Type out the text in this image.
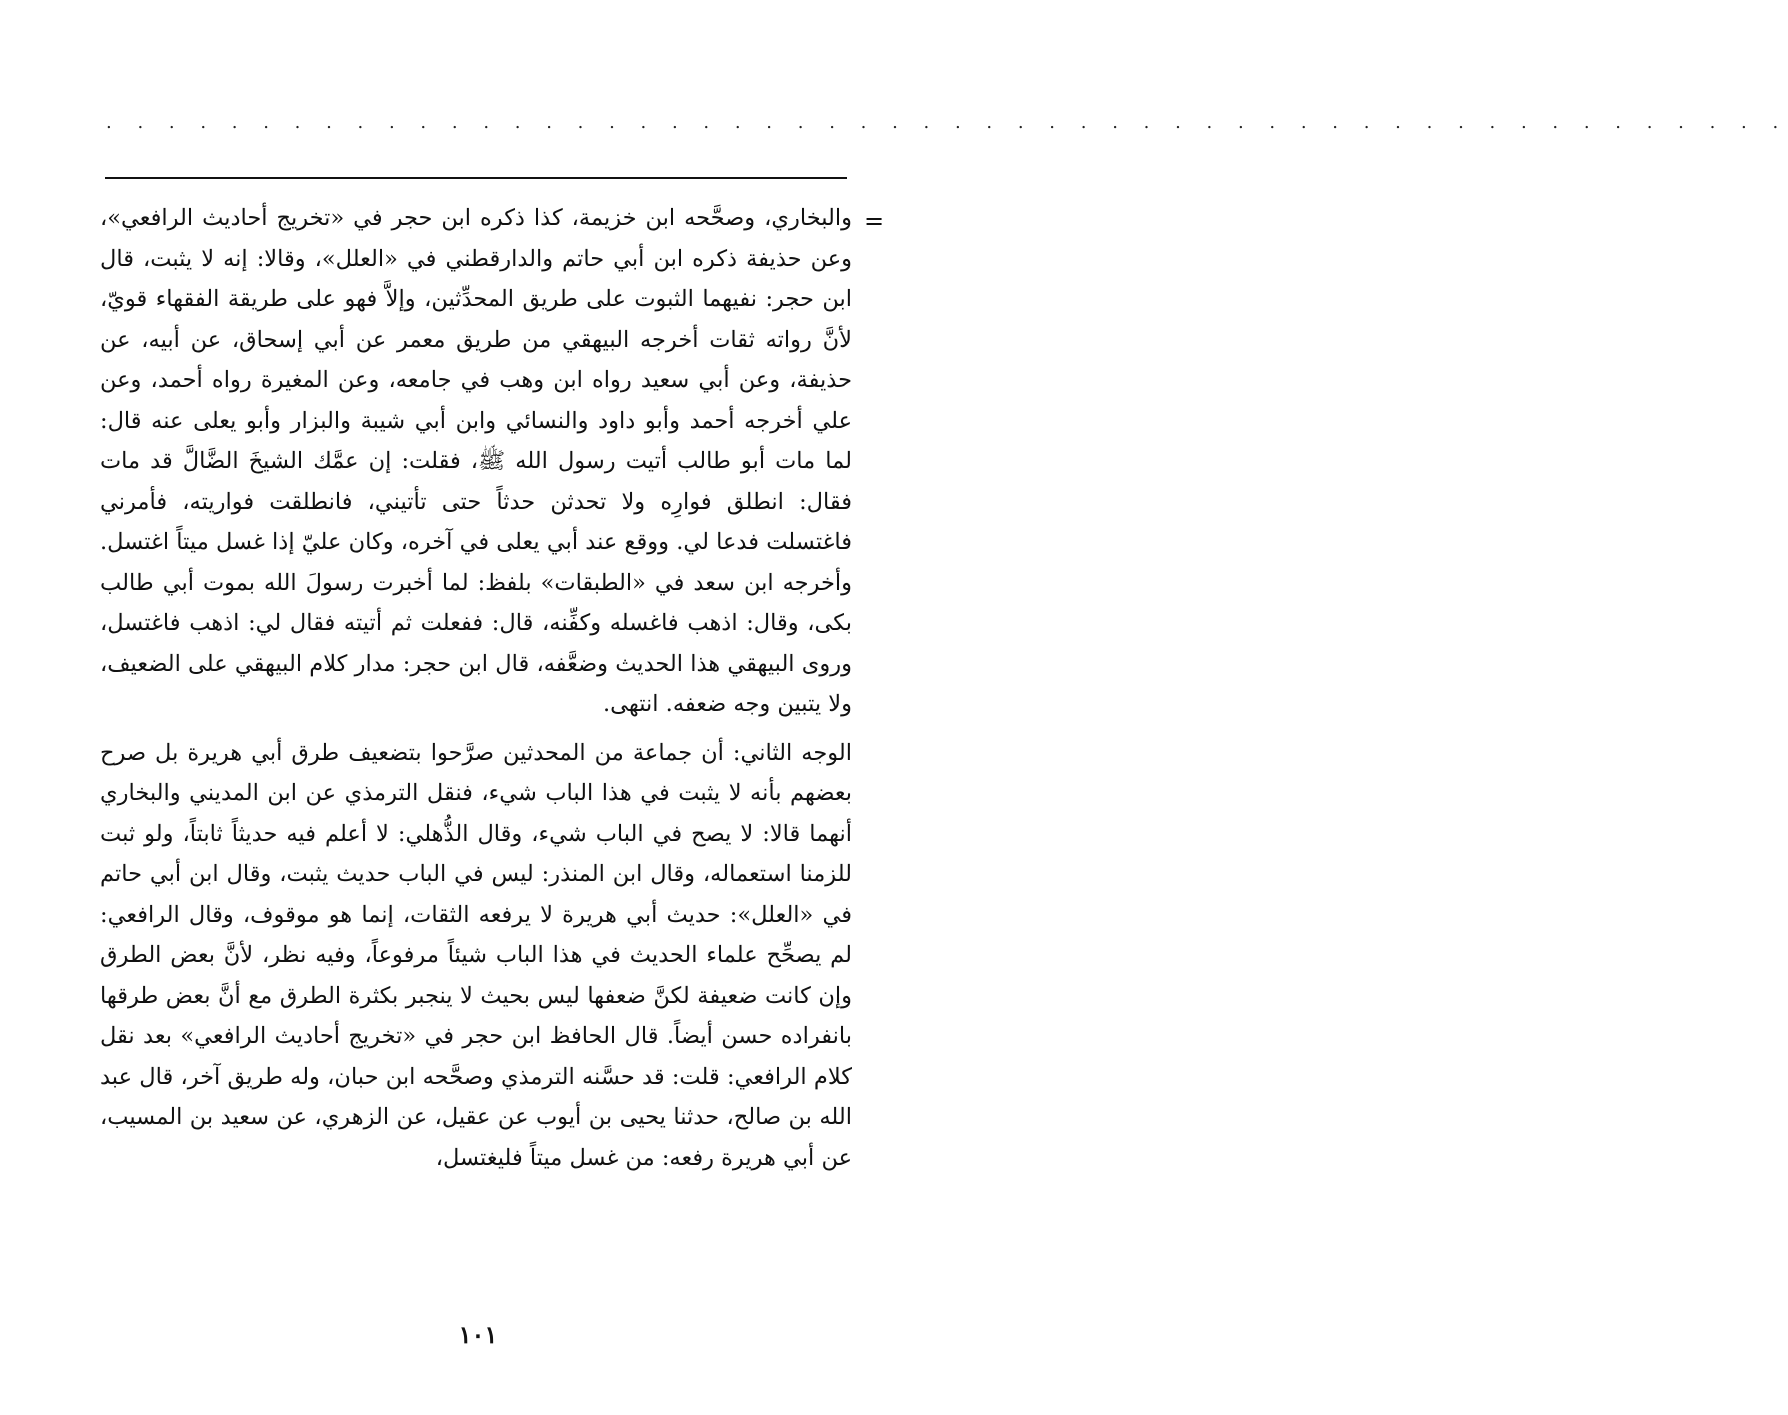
. . . . . . . . . . . . . . . . . . . . . . . . . . . . . . . . . . . . . . . . . . . . . . . . . . . . . .
=

والبخاري، وصحَّحه ابن خزيمة، كذا ذكره ابن حجر في «تخريج أحاديث الرافعي»، وعن حذيفة ذكره ابن أبي حاتم والدارقطني في «العلل»، وقالا: إنه لا يثبت، قال ابن حجر: نفيهما الثبوت على طريق المحدِّثين، وإلاَّ فهو على طريقة الفقهاء قويّ، لأنَّ رواته ثقات أخرجه البيهقي من طريق معمر عن أبي إسحاق، عن أبيه، عن حذيفة، وعن أبي سعيد رواه ابن وهب في جامعه، وعن المغيرة رواه أحمد، وعن علي أخرجه أحمد وأبو داود والنسائي وابن أبي شيبة والبزار وأبو يعلى عنه قال: لما مات أبو طالب أتيت رسول الله ﷺ، فقلت: إن عمَّك الشيخَ الضَّالَّ قد مات فقال: انطلق فوارِه ولا تحدثن حدثاً حتى تأتيني، فانطلقت فواريته، فأمرني فاغتسلت فدعا لي. ووقع عند أبي يعلى في آخره، وكان عليّ إذا غسل ميتاً اغتسل. وأخرجه ابن سعد في «الطبقات» بلفظ: لما أخبرت رسولَ الله بموت أبي طالب بكى، وقال: اذهب فاغسله وكفِّنه، قال: ففعلت ثم أتيته فقال لي: اذهب فاغتسل، وروى البيهقي هذا الحديث وضعَّفه، قال ابن حجر: مدار كلام البيهقي على الضعيف، ولا يتبين وجه ضعفه. انتهى.

الوجه الثاني: أن جماعة من المحدثين صرَّحوا بتضعيف طرق أبي هريرة بل صرح بعضهم بأنه لا يثبت في هذا الباب شيء، فنقل الترمذي عن ابن المديني والبخاري أنهما قالا: لا يصح في الباب شيء، وقال الذُّهلي: لا أعلم فيه حديثاً ثابتاً، ولو ثبت للزمنا استعماله، وقال ابن المنذر: ليس في الباب حديث يثبت، وقال ابن أبي حاتم في «العلل»: حديث أبي هريرة لا يرفعه الثقات، إنما هو موقوف، وقال الرافعي: لم يصحِّح علماء الحديث في هذا الباب شيئاً مرفوعاً، وفيه نظر، لأنَّ بعض الطرق وإن كانت ضعيفة لكنَّ ضعفها ليس بحيث لا ينجبر بكثرة الطرق مع أنَّ بعض طرقها بانفراده حسن أيضاً. قال الحافظ ابن حجر في «تخريج أحاديث الرافعي» بعد نقل كلام الرافعي: قلت: قد حسَّنه الترمذي وصحَّحه ابن حبان، وله طريق آخر، قال عبد الله بن صالح، حدثنا يحيى بن أيوب عن عقيل، عن الزهري، عن سعيد بن المسيب، عن أبي هريرة رفعه: من غسل ميتاً فليغتسل،

١٠١
